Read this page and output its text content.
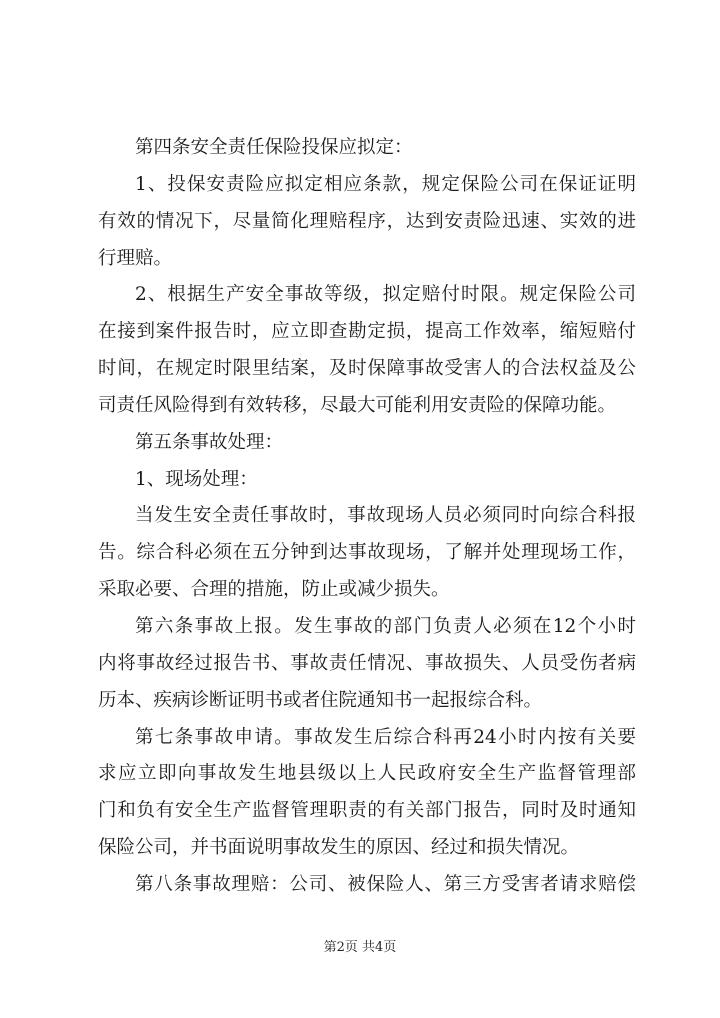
第四条安全责任保险投保应拟定：
1、投保安责险应拟定相应条款，规定保险公司在保证证明
有效的情况下，尽量简化理赔程序，达到安责险迅速、实效的进
行理赔。
2、根据生产安全事故等级，拟定赔付时限。规定保险公司
在接到案件报告时，应立即查勘定损，提高工作效率，缩短赔付
时间，在规定时限里结案，及时保障事故受害人的合法权益及公
司责任风险得到有效转移，尽最大可能利用安责险的保障功能。
第五条事故处理：
1、现场处理：
当发生安全责任事故时，事故现场人员必须同时向综合科报
告。综合科必须在五分钟到达事故现场，了解并处理现场工作，
采取必要、合理的措施，防止或减少损失。
第六条事故上报。发生事故的部门负责人必须在12个小时
内将事故经过报告书、事故责任情况、事故损失、人员受伤者病
历本、疾病诊断证明书或者住院通知书一起报综合科。
第七条事故申请。事故发生后综合科再24小时内按有关要
求应立即向事故发生地县级以上人民政府安全生产监督管理部
门和负有安全生产监督管理职责的有关部门报告，同时及时通知
保险公司，并书面说明事故发生的原因、经过和损失情况。
第八条事故理赔：公司、被保险人、第三方受害者请求赔偿
第2页 共4页
